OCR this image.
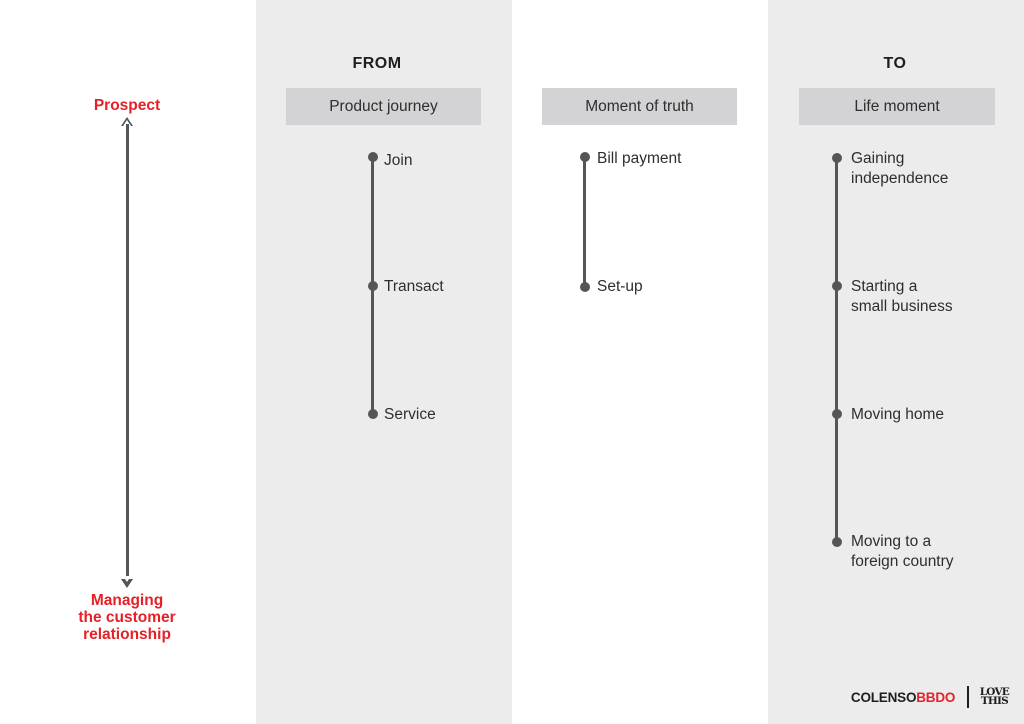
Prospect
Managing
the customer
relationship
FROM	TO
Product journey
Join
Transact
Service
Moment of truth
Bill payment
Set-up
Life moment
Gaining
independence
Starting a
small business
Moving home
Moving to a
foreign country
COLENSOBBDO LOVE
THIS
